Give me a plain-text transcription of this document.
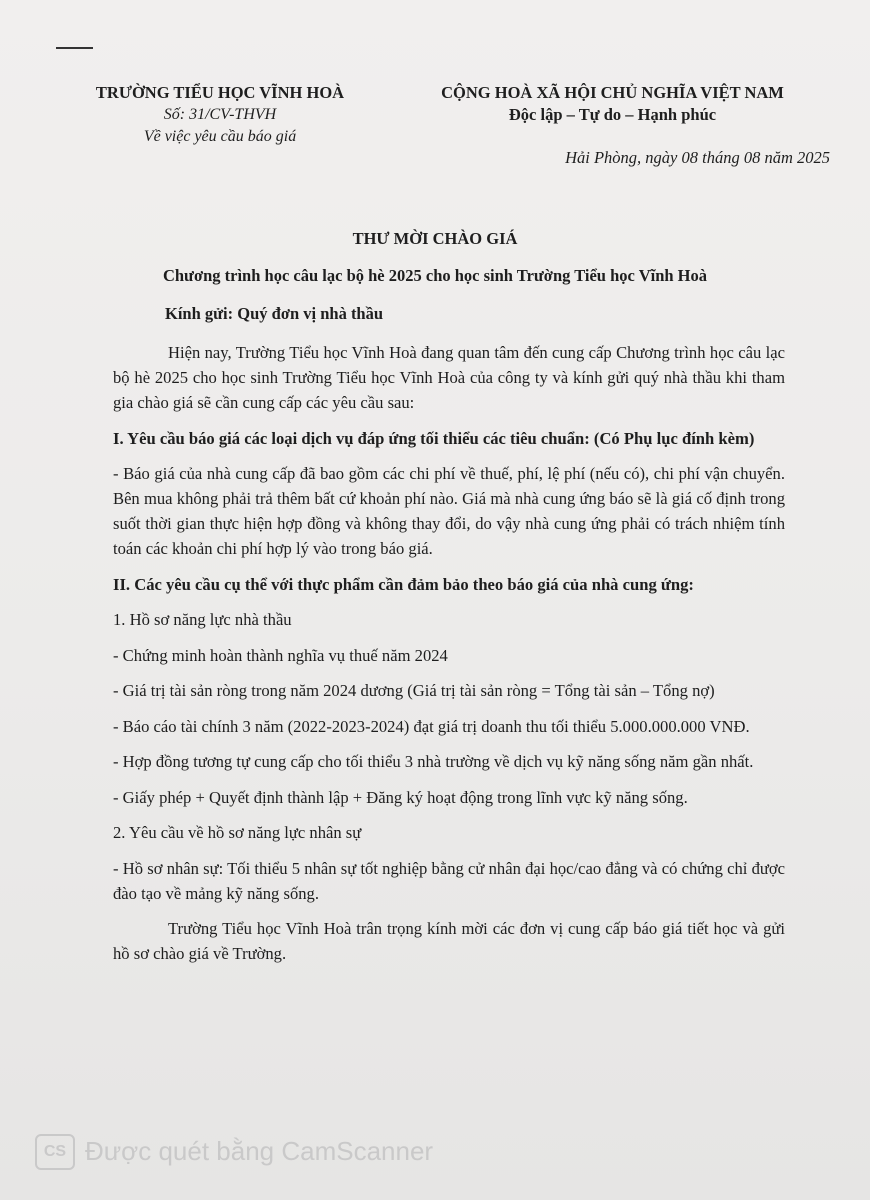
TRƯỜNG TIỂU HỌC VĨNH HOÀ
Số: 31/CV-THVH
Về việc yêu cầu báo giá
CỘNG HOÀ XÃ HỘI CHỦ NGHĨA VIỆT NAM
Độc lập – Tự do – Hạnh phúc
Hải Phòng, ngày 08 tháng 08 năm 2025
THƯ MỜI CHÀO GIÁ
Chương trình học câu lạc bộ hè 2025 cho học sinh Trường Tiểu học Vĩnh Hoà
Kính gửi: Quý đơn vị nhà thầu

Hiện nay, Trường Tiểu học Vĩnh Hoà đang quan tâm đến cung cấp Chương trình học câu lạc bộ hè 2025 cho học sinh Trường Tiểu học Vĩnh Hoà của công ty và kính gửi quý nhà thầu khi tham gia chào giá sẽ cần cung cấp các yêu cầu sau:

I. Yêu cầu báo giá các loại dịch vụ đáp ứng tối thiểu các tiêu chuẩn: (Có Phụ lục đính kèm)

- Báo giá của nhà cung cấp đã bao gồm các chi phí về thuế, phí, lệ phí (nếu có), chi phí vận chuyển. Bên mua không phải trả thêm bất cứ khoản phí nào. Giá mà nhà cung ứng báo sẽ là giá cố định trong suốt thời gian thực hiện hợp đồng và không thay đổi, do vậy nhà cung ứng phải có trách nhiệm tính toán các khoản chi phí hợp lý vào trong báo giá.

II. Các yêu cầu cụ thể với thực phẩm cần đảm bảo theo báo giá của nhà cung ứng:

1. Hồ sơ năng lực nhà thầu

- Chứng minh hoàn thành nghĩa vụ thuế năm 2024

- Giá trị tài sản ròng trong năm 2024 dương (Giá trị tài sản ròng = Tổng tài sản – Tổng nợ)

- Báo cáo tài chính 3 năm (2022-2023-2024) đạt giá trị doanh thu tối thiểu 5.000.000.000 VNĐ.

- Hợp đồng tương tự cung cấp cho tối thiểu 3 nhà trường về dịch vụ kỹ năng sống năm gần nhất.

- Giấy phép + Quyết định thành lập + Đăng ký hoạt động trong lĩnh vực kỹ năng sống.

2. Yêu cầu về hồ sơ năng lực nhân sự

- Hồ sơ nhân sự: Tối thiểu 5 nhân sự tốt nghiệp bằng cử nhân đại học/cao đẳng và có chứng chỉ được đào tạo về mảng kỹ năng sống.

Trường Tiểu học Vĩnh Hoà trân trọng kính mời các đơn vị cung cấp báo giá tiết học và gửi hồ sơ chào giá về Trường.

CS Được quét bằng CamScanner
